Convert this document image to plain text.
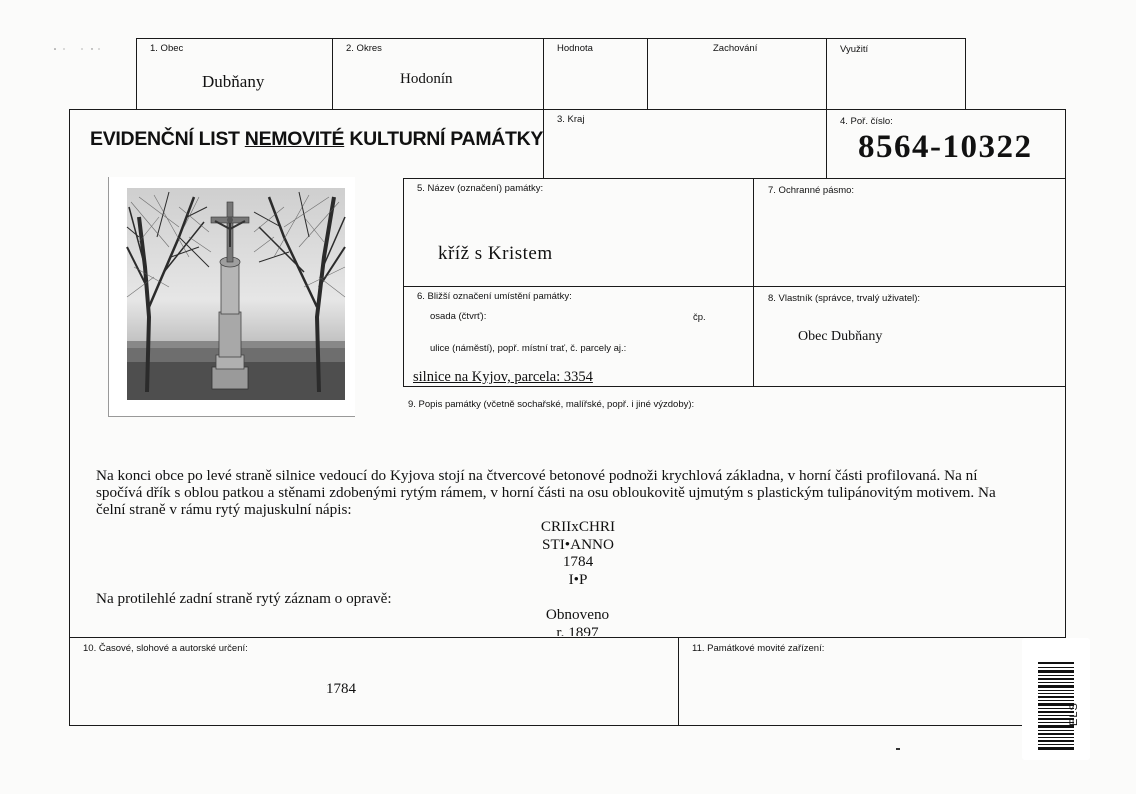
1. Obec
Dubňany
2. Okres
Hodonín
Hodnota	Zachování	Využití
EVIDENČNÍ LIST NEMOVITÉ KULTURNÍ PAMÁTKY
3. Kraj	4. Poř. číslo:
8564-10322
5. Název (označení) památky:
kříž s Kristem
7. Ochranné pásmo:
6. Bližší označení umístění památky:
osada (čtvrť):	čp.
ulice (náměstí), popř. místní trať, č. parcely aj.:
silnice na Kyjov, parcela: 3354
8. Vlastník (správce, trvalý uživatel):
Obec Dubňany
9. Popis památky (včetně sochařské, malířské, popř. i jiné výzdoby):

Na konci obce po levé straně silnice vedoucí do Kyjova stojí na čtvercové betonové podnoži krychlová základna, v horní části profilovaná. Na ní

spočívá dřík s oblou patkou a stěnami zdobenými rytým rámem, v horní části na osu obloukovitě ujmutým s plastickým tulipánovitým motivem. Na

čelní straně v rámu rytý majuskulní nápis:

CRIIxCHRI
STI•ANNO
1784
I•P
Na protilehlé zadní straně rytý záznam o opravě:
Obnoveno
r. 1897
10. Časové, slohové a autorské určení:
1784
11. Památkové movité zařízení:
ELS
